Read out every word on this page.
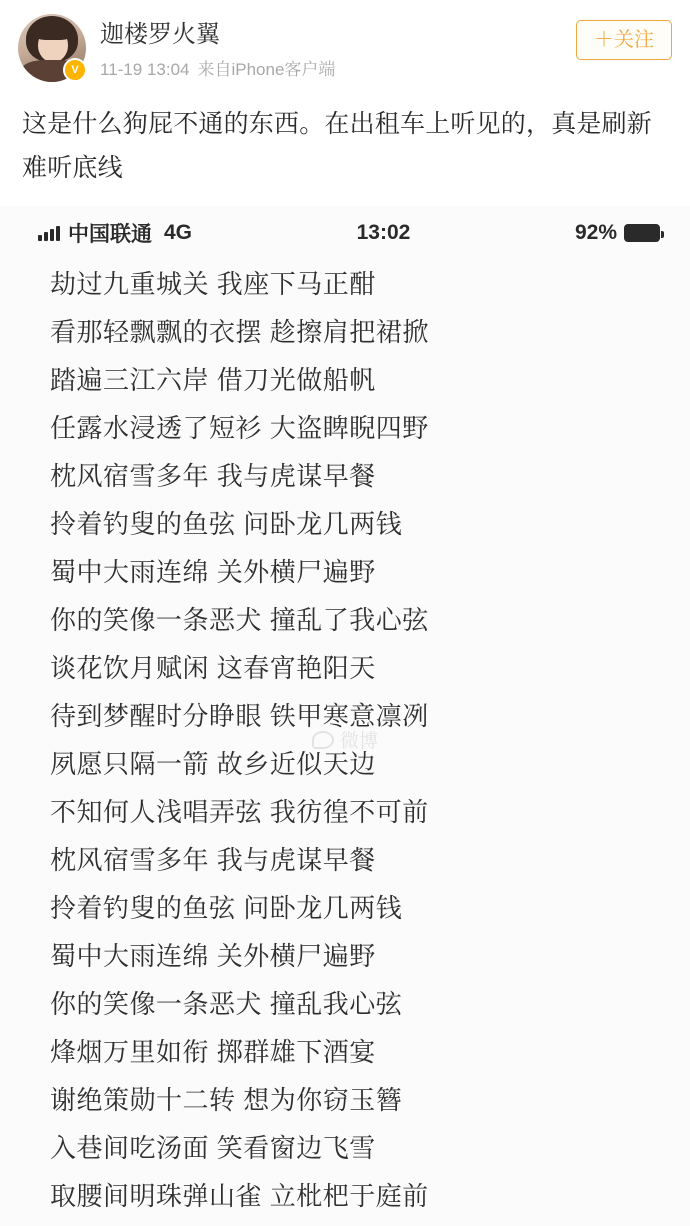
V
迦楼罗火翼
11-19 13:04 来自iPhone客户端
＋关注
这是什么狗屁不通的东西。在出租车上听见的，真是刷新难听底线
中国联通 4G	13:02	92%
劫过九重城关 我座下马正酣
看那轻飘飘的衣摆 趁擦肩把裙掀
踏遍三江六岸 借刀光做船帆
任露水浸透了短衫 大盗睥睨四野
枕风宿雪多年 我与虎谋早餐
拎着钓叟的鱼弦 问卧龙几两钱
蜀中大雨连绵 关外横尸遍野
你的笑像一条恶犬 撞乱了我心弦
谈花饮月赋闲 这春宵艳阳天
待到梦醒时分睁眼 铁甲寒意凛冽
夙愿只隔一箭 故乡近似天边
不知何人浅唱弄弦 我彷徨不可前
枕风宿雪多年 我与虎谋早餐
拎着钓叟的鱼弦 问卧龙几两钱
蜀中大雨连绵 关外横尸遍野
你的笑像一条恶犬 撞乱我心弦
烽烟万里如衔 掷群雄下酒宴
谢绝策勋十二转 想为你窃玉簪
入巷间吃汤面 笑看窗边飞雪
取腰间明珠弹山雀 立枇杷于庭前
微博
